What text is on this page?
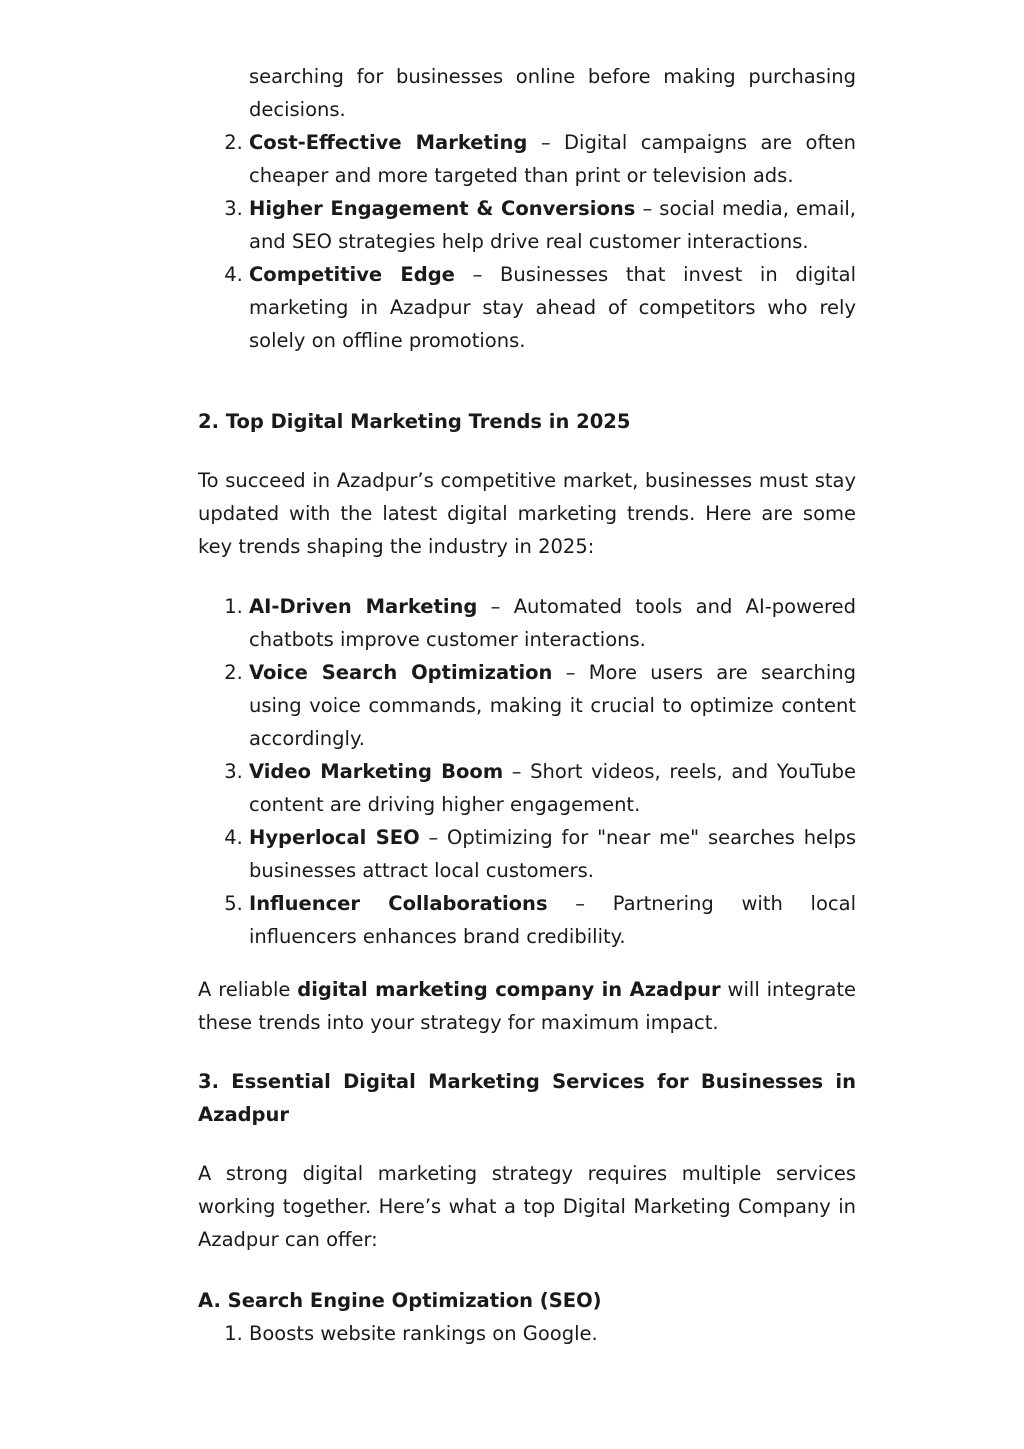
searching for businesses online before making purchasing decisions.
2. Cost-Effective Marketing – Digital campaigns are often cheaper and more targeted than print or television ads.
3. Higher Engagement & Conversions – social media, email, and SEO strategies help drive real customer interactions.
4. Competitive Edge – Businesses that invest in digital marketing in Azadpur stay ahead of competitors who rely solely on offline promotions.

2. Top Digital Marketing Trends in 2025

To succeed in Azadpur’s competitive market, businesses must stay updated with the latest digital marketing trends. Here are some key trends shaping the industry in 2025:

1. AI-Driven Marketing – Automated tools and AI-powered chatbots improve customer interactions.
2. Voice Search Optimization – More users are searching using voice commands, making it crucial to optimize content accordingly.
3. Video Marketing Boom – Short videos, reels, and YouTube content are driving higher engagement.
4. Hyperlocal SEO – Optimizing for "near me" searches helps businesses attract local customers.
5. Influencer Collaborations – Partnering with local influencers enhances brand credibility.

A reliable digital marketing company in Azadpur will integrate these trends into your strategy for maximum impact.

3. Essential Digital Marketing Services for Businesses in Azadpur

A strong digital marketing strategy requires multiple services working together. Here’s what a top Digital Marketing Company in Azadpur can offer:

A. Search Engine Optimization (SEO)

1. Boosts website rankings on Google.
